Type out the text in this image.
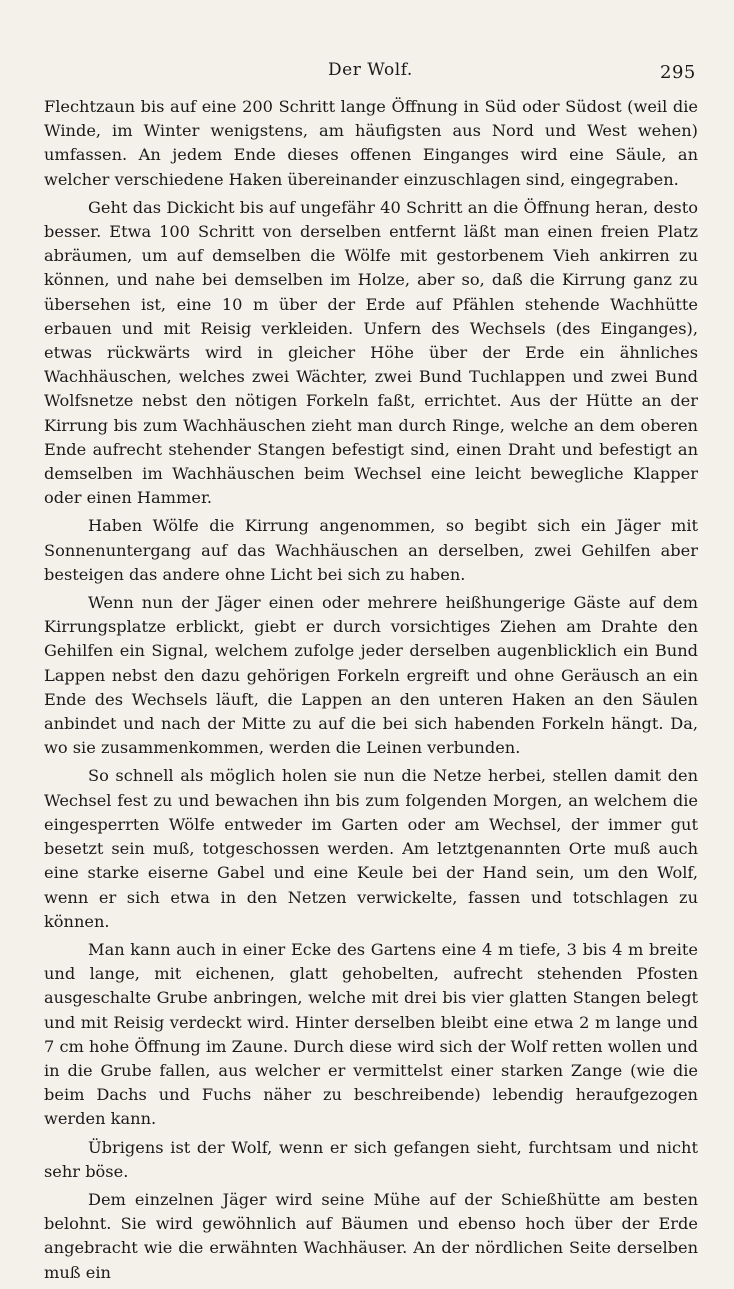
Der Wolf.	295

Flechtzaun bis auf eine 200 Schritt lange Öffnung in Süd oder Südost (weil die Winde, im Winter wenigstens, am häufigsten aus Nord und West wehen) umfassen. An jedem Ende dieses offenen Einganges wird eine Säule, an welcher verschiedene Haken übereinander einzuschlagen sind, eingegraben.

Geht das Dickicht bis auf ungefähr 40 Schritt an die Öffnung heran, desto besser. Etwa 100 Schritt von derselben entfernt läßt man einen freien Platz abräumen, um auf demselben die Wölfe mit gestorbenem Vieh ankirren zu können, und nahe bei demselben im Holze, aber so, daß die Kirrung ganz zu übersehen ist, eine 10 m über der Erde auf Pfählen stehende Wachhütte erbauen und mit Reisig verkleiden. Unfern des Wechsels (des Einganges), etwas rückwärts wird in gleicher Höhe über der Erde ein ähnliches Wachhäuschen, welches zwei Wächter, zwei Bund Tuchlappen und zwei Bund Wolfsnetze nebst den nötigen Forkeln faßt, errichtet. Aus der Hütte an der Kirrung bis zum Wachhäuschen zieht man durch Ringe, welche an dem oberen Ende aufrecht stehender Stangen befestigt sind, einen Draht und befestigt an demselben im Wachhäuschen beim Wechsel eine leicht bewegliche Klapper oder einen Hammer.

Haben Wölfe die Kirrung angenommen, so begibt sich ein Jäger mit Sonnenuntergang auf das Wachhäuschen an derselben, zwei Gehilfen aber besteigen das andere ohne Licht bei sich zu haben.

Wenn nun der Jäger einen oder mehrere heißhungerige Gäste auf dem Kirrungsplatze erblickt, giebt er durch vorsichtiges Ziehen am Drahte den Gehilfen ein Signal, welchem zufolge jeder derselben augenblicklich ein Bund Lappen nebst den dazu gehörigen Forkeln ergreift und ohne Geräusch an ein Ende des Wechsels läuft, die Lappen an den unteren Haken an den Säulen anbindet und nach der Mitte zu auf die bei sich habenden Forkeln hängt. Da, wo sie zusammenkommen, werden die Leinen verbunden.

So schnell als möglich holen sie nun die Netze herbei, stellen damit den Wechsel fest zu und bewachen ihn bis zum folgenden Morgen, an welchem die eingesperrten Wölfe entweder im Garten oder am Wechsel, der immer gut besetzt sein muß, totgeschossen werden. Am letztgenannten Orte muß auch eine starke eiserne Gabel und eine Keule bei der Hand sein, um den Wolf, wenn er sich etwa in den Netzen verwickelte, fassen und totschlagen zu können.

Man kann auch in einer Ecke des Gartens eine 4 m tiefe, 3 bis 4 m breite und lange, mit eichenen, glatt gehobelten, aufrecht stehenden Pfosten ausgeschalte Grube anbringen, welche mit drei bis vier glatten Stangen belegt und mit Reisig verdeckt wird. Hinter derselben bleibt eine etwa 2 m lange und 7 cm hohe Öffnung im Zaune. Durch diese wird sich der Wolf retten wollen und in die Grube fallen, aus welcher er vermittelst einer starken Zange (wie die beim Dachs und Fuchs näher zu beschreibende) lebendig heraufgezogen werden kann.

Übrigens ist der Wolf, wenn er sich gefangen sieht, furchtsam und nicht sehr böse.

Dem einzelnen Jäger wird seine Mühe auf der Schießhütte am besten belohnt. Sie wird gewöhnlich auf Bäumen und ebenso hoch über der Erde angebracht wie die erwähnten Wachhäuser. An der nördlichen Seite derselben muß ein
